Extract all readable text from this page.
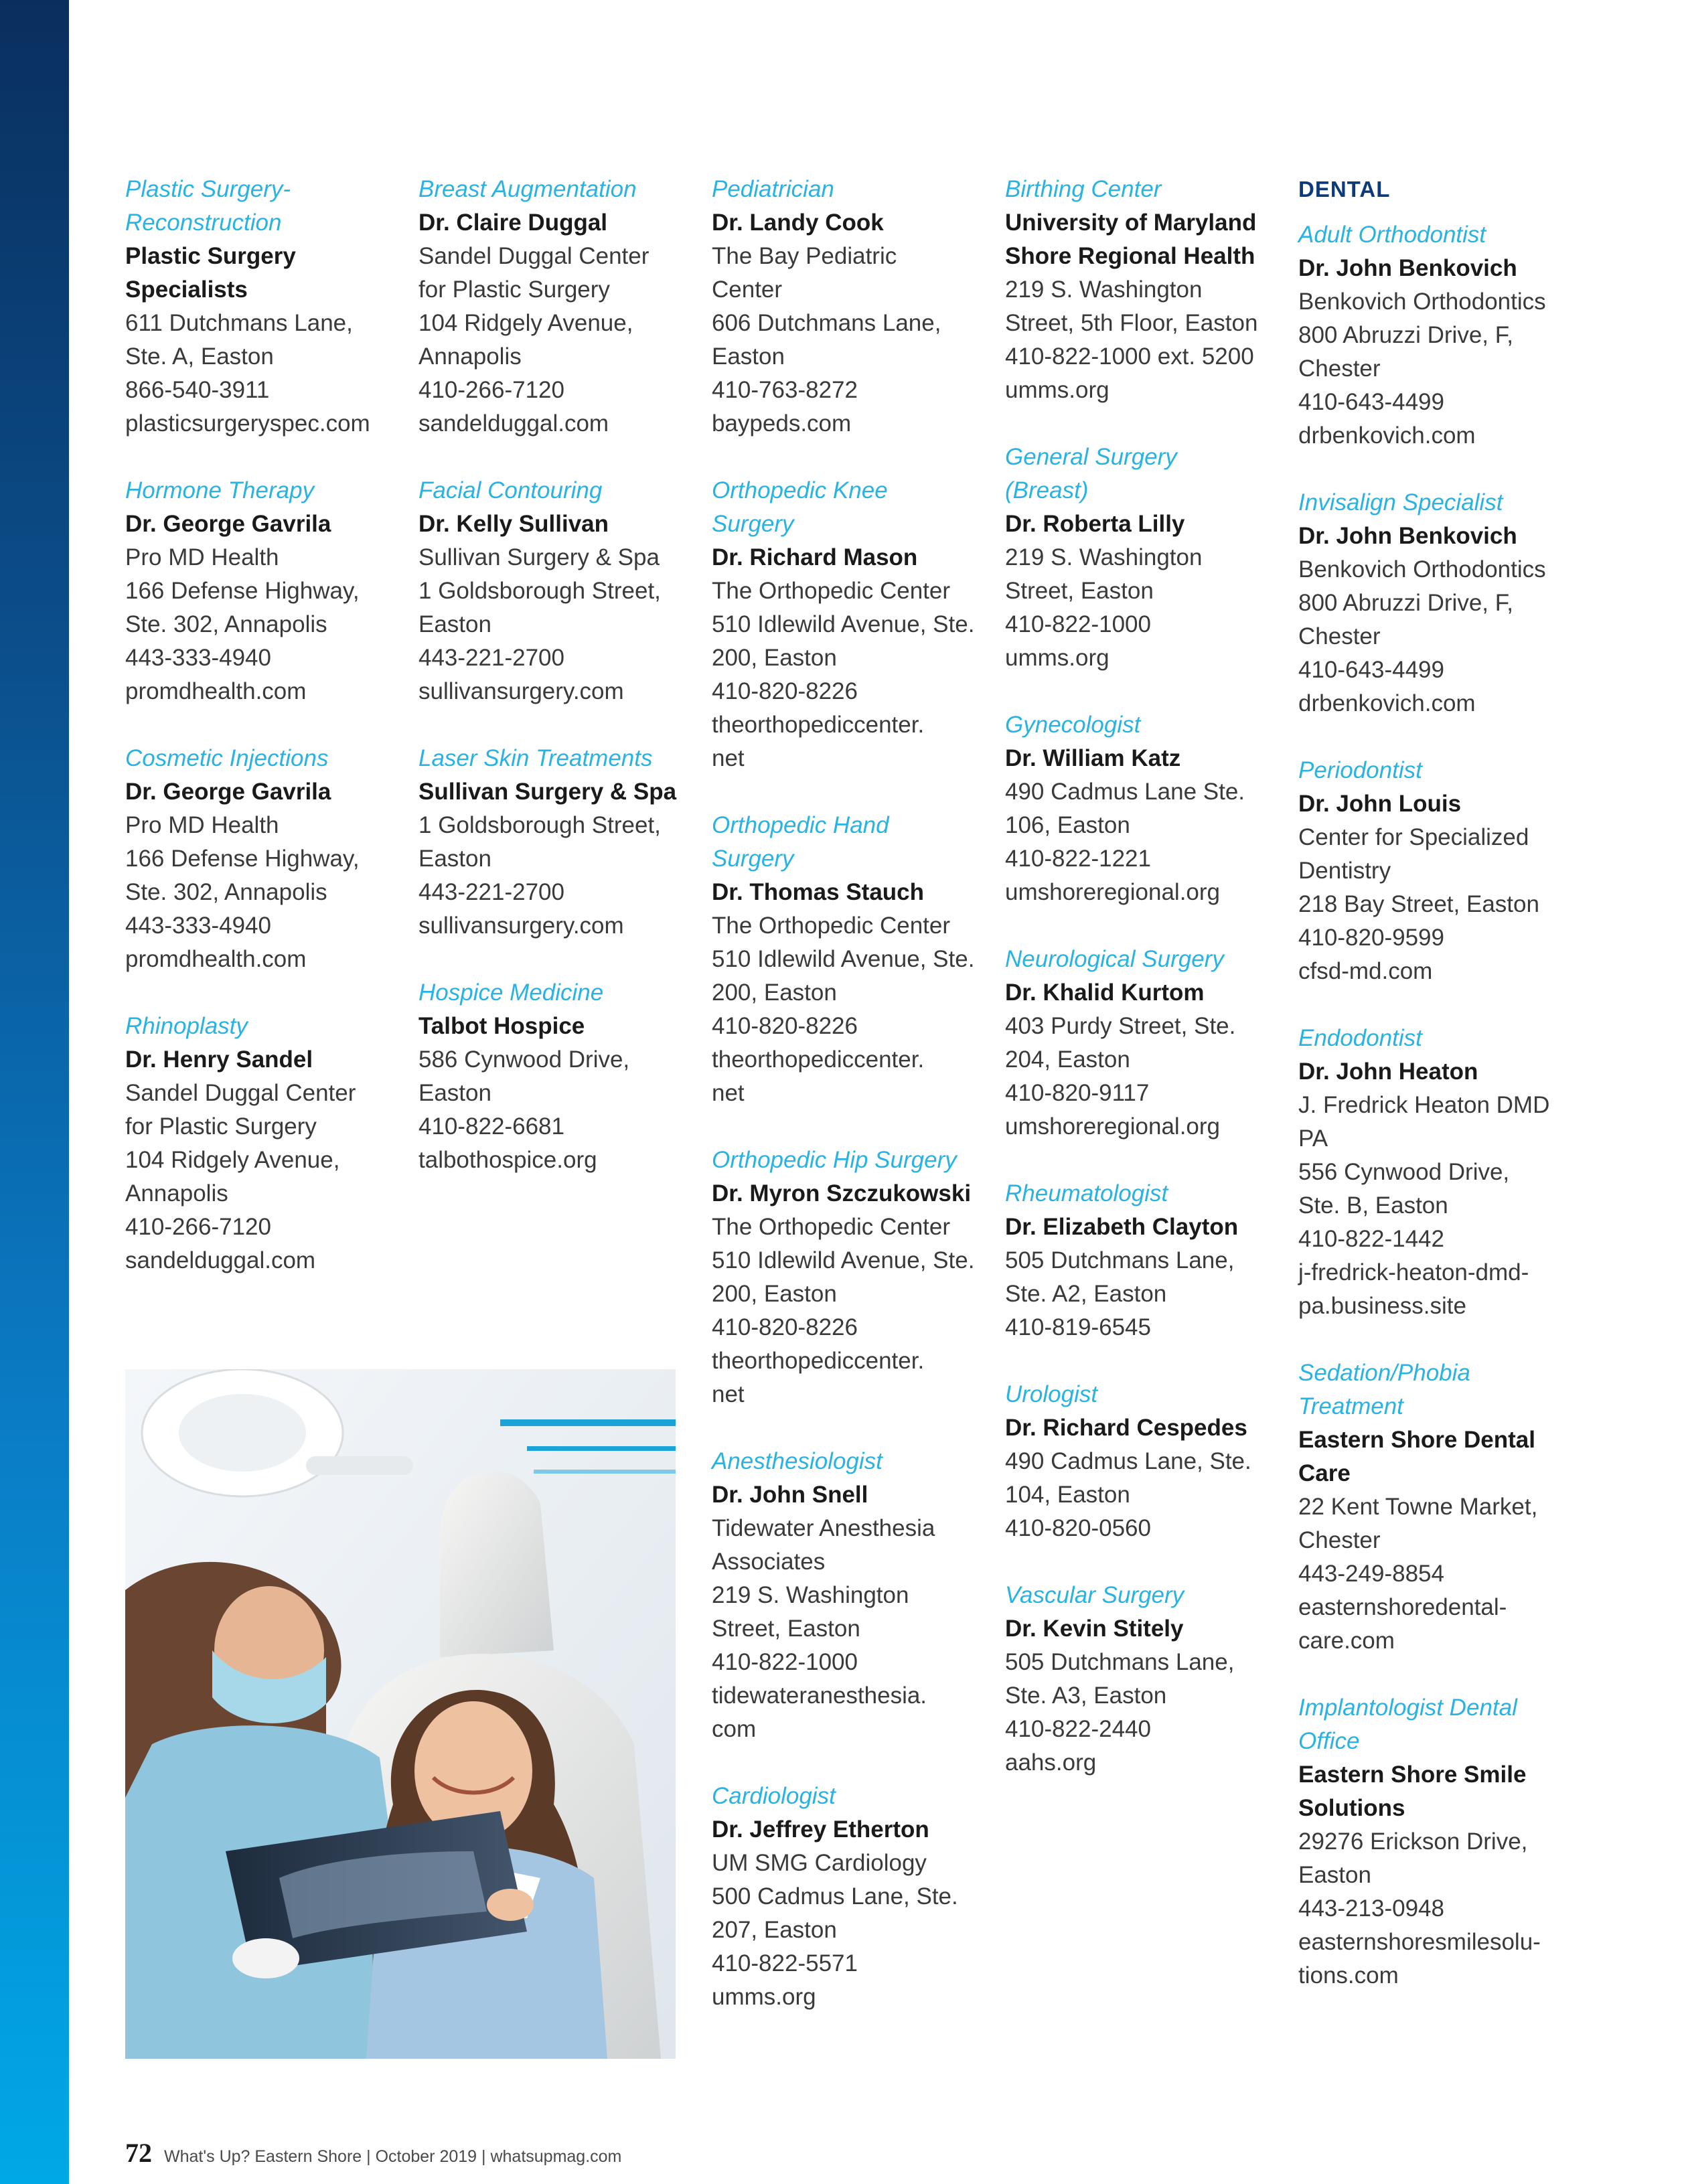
Plastic Surgery-
Reconstruction
Plastic Surgery
Specialists
611 Dutchmans Lane,
Ste. A, Easton
866-540-3911
plasticsurgeryspec.com
Hormone Therapy
Dr. George Gavrila
Pro MD Health
166 Defense Highway,
Ste. 302, Annapolis
443-333-4940
promdhealth.com
Cosmetic Injections
Dr. George Gavrila
Pro MD Health
166 Defense Highway,
Ste. 302, Annapolis
443-333-4940
promdhealth.com
Rhinoplasty
Dr. Henry Sandel
Sandel Duggal Center
for Plastic Surgery
104 Ridgely Avenue,
Annapolis
410-266-7120
sandelduggal.com
Breast Augmentation
Dr. Claire Duggal
Sandel Duggal Center
for Plastic Surgery
104 Ridgely Avenue,
Annapolis
410-266-7120
sandelduggal.com
Facial Contouring
Dr. Kelly Sullivan
Sullivan Surgery & Spa
1 Goldsborough Street,
Easton
443-221-2700
sullivansurgery.com
Laser Skin Treatments
Sullivan Surgery & Spa
1 Goldsborough Street,
Easton
443-221-2700
sullivansurgery.com
Hospice Medicine
Talbot Hospice
586 Cynwood Drive,
Easton
410-822-6681
talbothospice.org
Pediatrician
Dr. Landy Cook
The Bay Pediatric
Center
606 Dutchmans Lane,
Easton
410-763-8272
baypeds.com
Orthopedic Knee
Surgery
Dr. Richard Mason
The Orthopedic Center
510 Idlewild Avenue, Ste.
200, Easton
410-820-8226
theorthopediccenter.
net
Orthopedic Hand
Surgery
Dr. Thomas Stauch
The Orthopedic Center
510 Idlewild Avenue, Ste.
200, Easton
410-820-8226
theorthopediccenter.
net
Orthopedic Hip Surgery
Dr. Myron Szczukowski
The Orthopedic Center
510 Idlewild Avenue, Ste.
200, Easton
410-820-8226
theorthopediccenter.
net
Anesthesiologist
Dr. John Snell
Tidewater Anesthesia
Associates
219 S. Washington
Street, Easton
410-822-1000
tidewateranesthesia.
com
Cardiologist
Dr. Jeffrey Etherton
UM SMG Cardiology
500 Cadmus Lane, Ste.
207, Easton
410-822-5571
umms.org
Birthing Center
University of Maryland
Shore Regional Health
219 S. Washington
Street, 5th Floor, Easton
410-822-1000 ext. 5200
umms.org
General Surgery
(Breast)
Dr. Roberta Lilly
219 S. Washington
Street, Easton
410-822-1000
umms.org
Gynecologist
Dr. William Katz
490 Cadmus Lane Ste.
106, Easton
410-822-1221
umshoreregional.org
Neurological Surgery
Dr. Khalid Kurtom
403 Purdy Street, Ste.
204, Easton
410-820-9117
umshoreregional.org
Rheumatologist
Dr. Elizabeth Clayton
505 Dutchmans Lane,
Ste. A2, Easton
410-819-6545
Urologist
Dr. Richard Cespedes
490 Cadmus Lane, Ste.
104, Easton
410-820-0560
Vascular Surgery
Dr. Kevin Stitely
505 Dutchmans Lane,
Ste. A3, Easton
410-822-2440
aahs.org
DENTAL
Adult Orthodontist
Dr. John Benkovich
Benkovich Orthodontics
800 Abruzzi Drive, F,
Chester
410-643-4499
drbenkovich.com
Invisalign Specialist
Dr. John Benkovich
Benkovich Orthodontics
800 Abruzzi Drive, F,
Chester
410-643-4499
drbenkovich.com
Periodontist
Dr. John Louis
Center for Specialized
Dentistry
218 Bay Street, Easton
410-820-9599
cfsd-md.com
Endodontist
Dr. John Heaton
J. Fredrick Heaton DMD
PA
556 Cynwood Drive,
Ste. B, Easton
410-822-1442
j-fredrick-heaton-dmd-
pa.business.site
Sedation/Phobia
Treatment
Eastern Shore Dental
Care
22 Kent Towne Market,
Chester
443-249-8854
easternshoredental-
care.com
Implantologist Dental
Office
Eastern Shore Smile
Solutions
29276 Erickson Drive,
Easton
443-213-0948
easternshoresmilesolu-
tions.com
72 What's Up? Eastern Shore | October 2019 | whatsupmag.com
